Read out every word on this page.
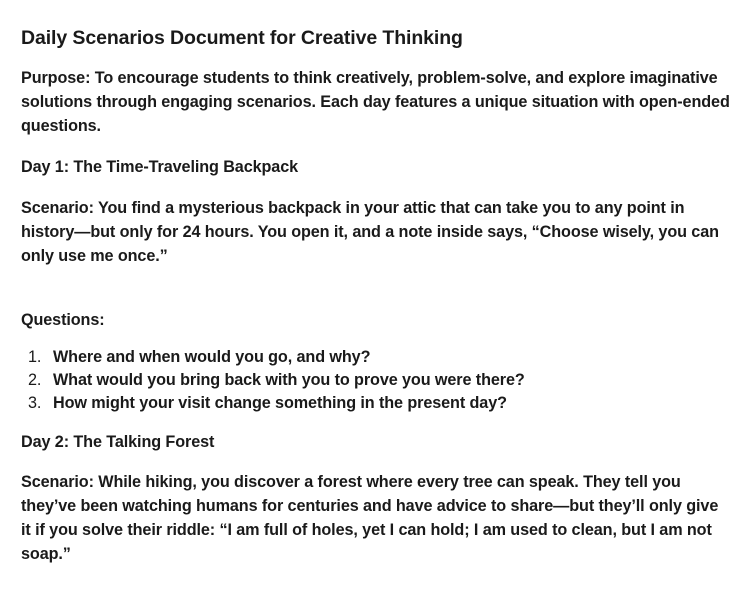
Daily Scenarios Document for Creative Thinking
Purpose: To encourage students to think creatively, problem-solve, and explore imaginative
solutions through engaging scenarios. Each day features a unique situation with open-ended
questions.
Day 1: The Time-Traveling Backpack
Scenario: You find a mysterious backpack in your attic that can take you to any point in
history—but only for 24 hours. You open it, and a note inside says, “Choose wisely, you can
only use me once.”
Questions:
1. Where and when would you go, and why?
2. What would you bring back with you to prove you were there?
3. How might your visit change something in the present day?
Day 2: The Talking Forest
Scenario: While hiking, you discover a forest where every tree can speak. They tell you
they’ve been watching humans for centuries and have advice to share—but they’ll only give
it if you solve their riddle: “I am full of holes, yet I can hold; I am used to clean, but I am not
soap.”
